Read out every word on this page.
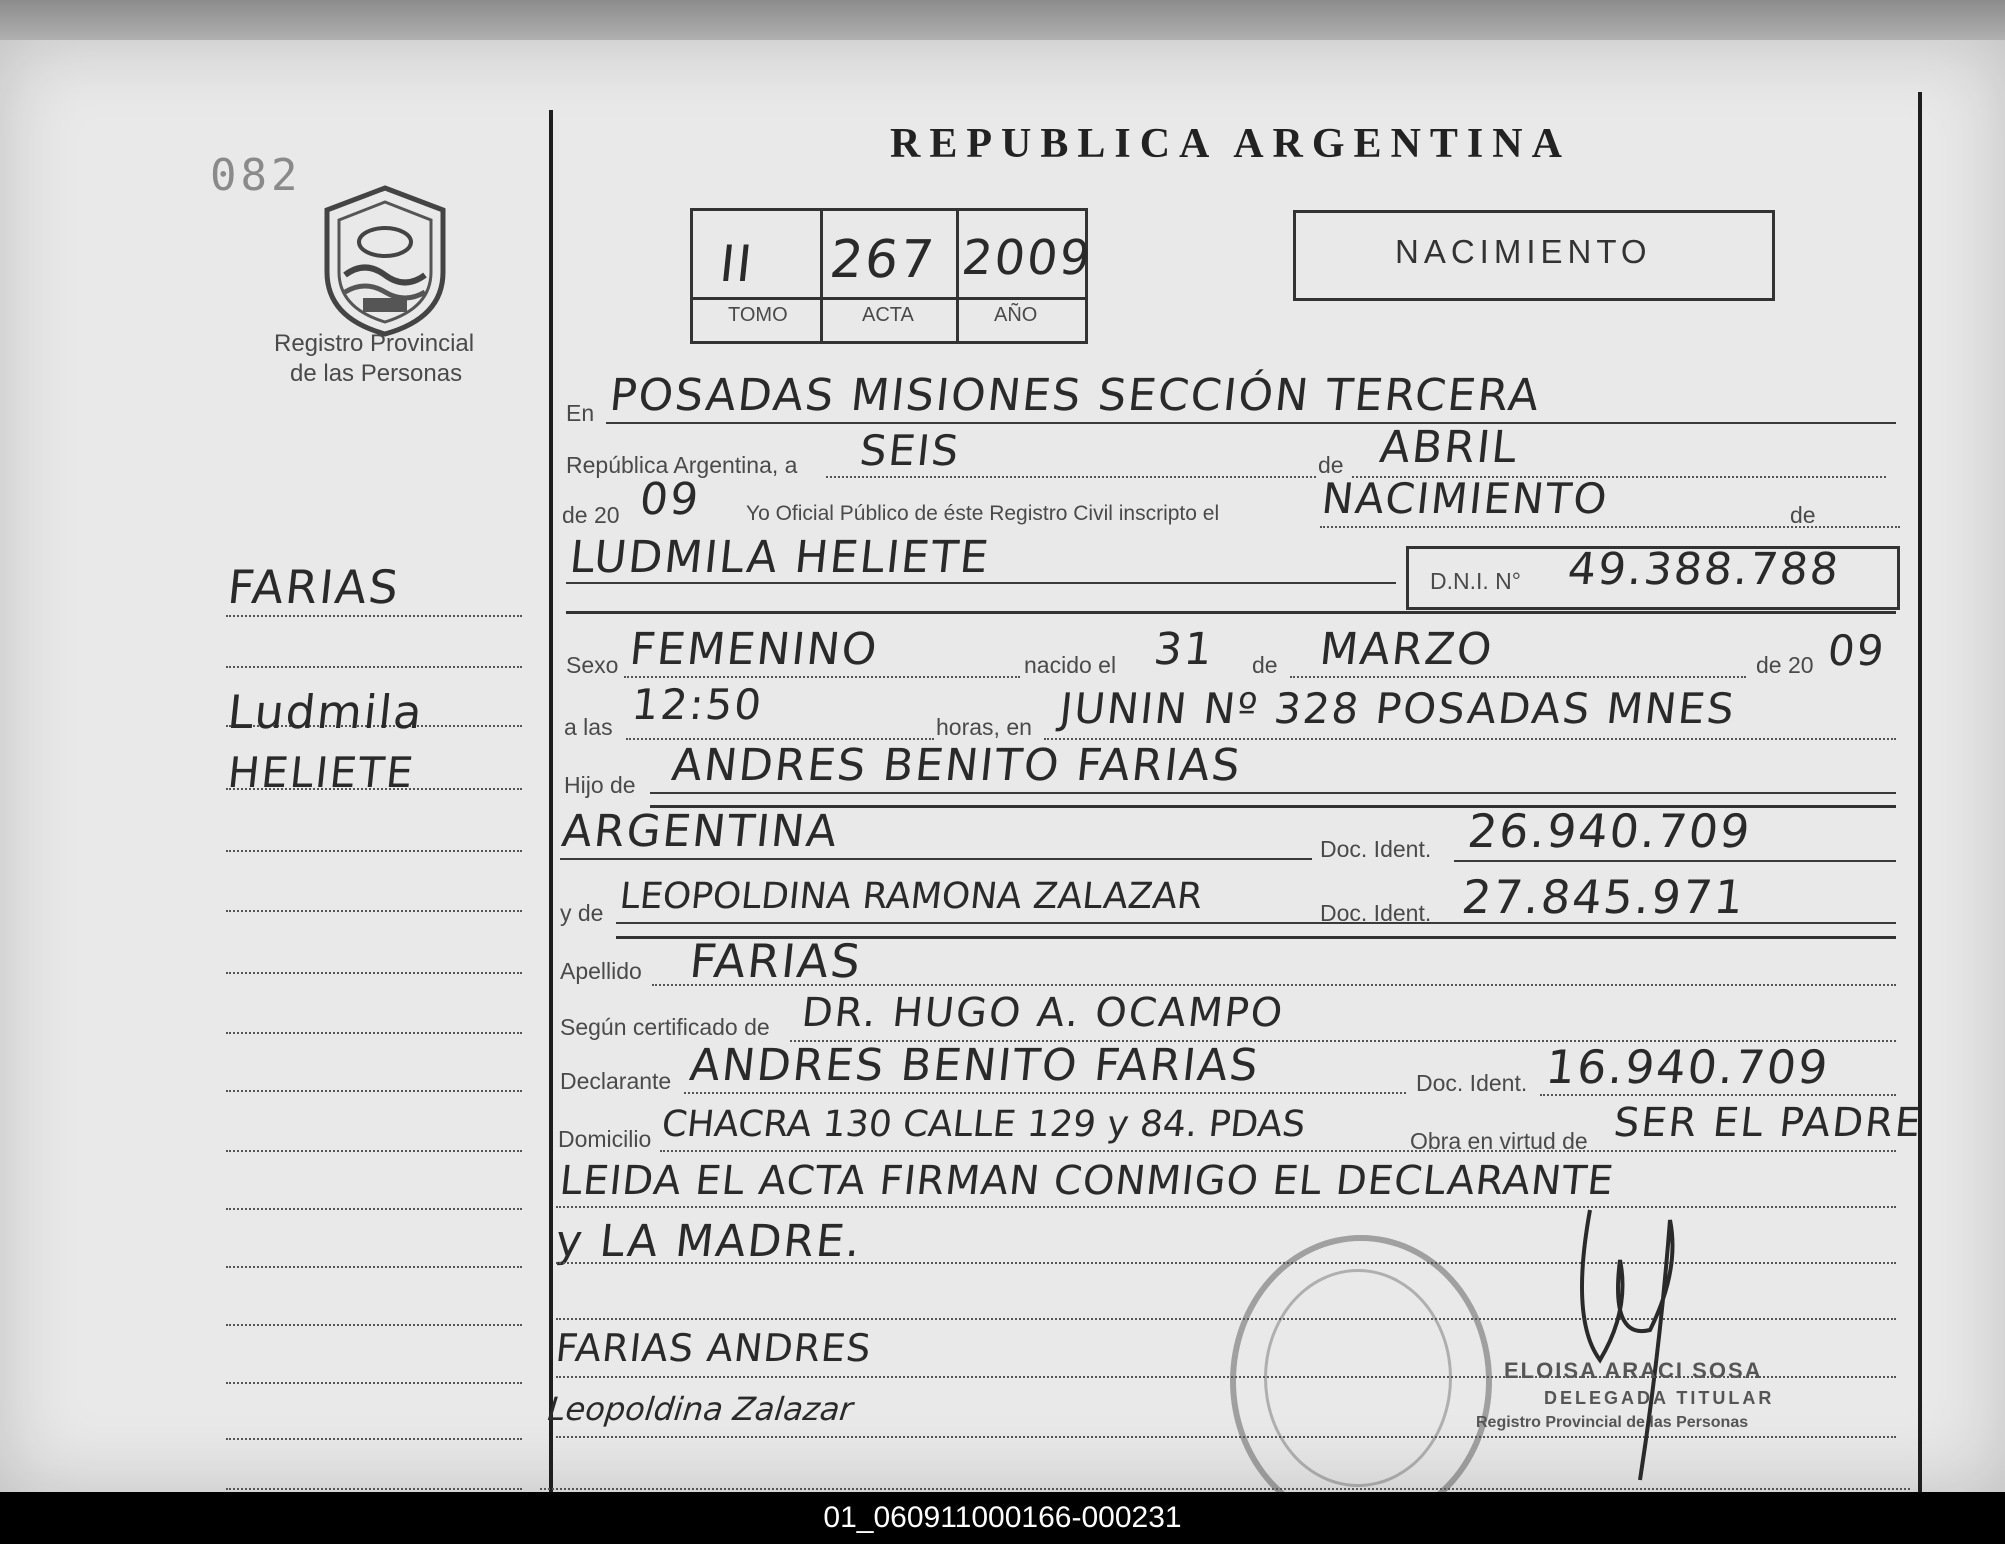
082
Registro Provincial
de las Personas
FARIAS
Ludmila
HELIETE
REPUBLICA ARGENTINA
II 267 2009
TOMO	ACTA	AÑO
NACIMIENTO
En POSADAS MISIONES SECCIÓN TERCERA
República Argentina, a SEIS	de ABRIL
de 20 09 Yo Oficial Público de éste Registro Civil inscripto el NACIMIENTO	de
LUDMILA HELIETE	D.N.I. N° 49.388.788
Sexo FEMENINO	nacido el 31 de MARZO	de 20 09
a las 12:50	horas, en JUNIN Nº 328 POSADAS MNES
Hijo de ANDRES BENITO FARIAS
ARGENTINA	Doc. Ident. 26.940.709
y de LEOPOLDINA RAMONA ZALAZAR	Doc. Ident. 27.845.971
Apellido FARIAS
Según certificado de DR. HUGO A. OCAMPO
Declarante ANDRES BENITO FARIAS	Doc. Ident. 16.940.709
Domicilio CHACRA 130 CALLE 129 y 84. PDAS	Obra en virtud de SER EL PADRE
LEIDA EL ACTA FIRMAN CONMIGO EL DECLARANTE
y LA MADRE.
FARIAS ANDRES
Leopoldina Zalazar
ELOISA ARACI SOSA
DELEGADA TITULAR
Registro Provincial de las Personas
01_060911000166-000231
